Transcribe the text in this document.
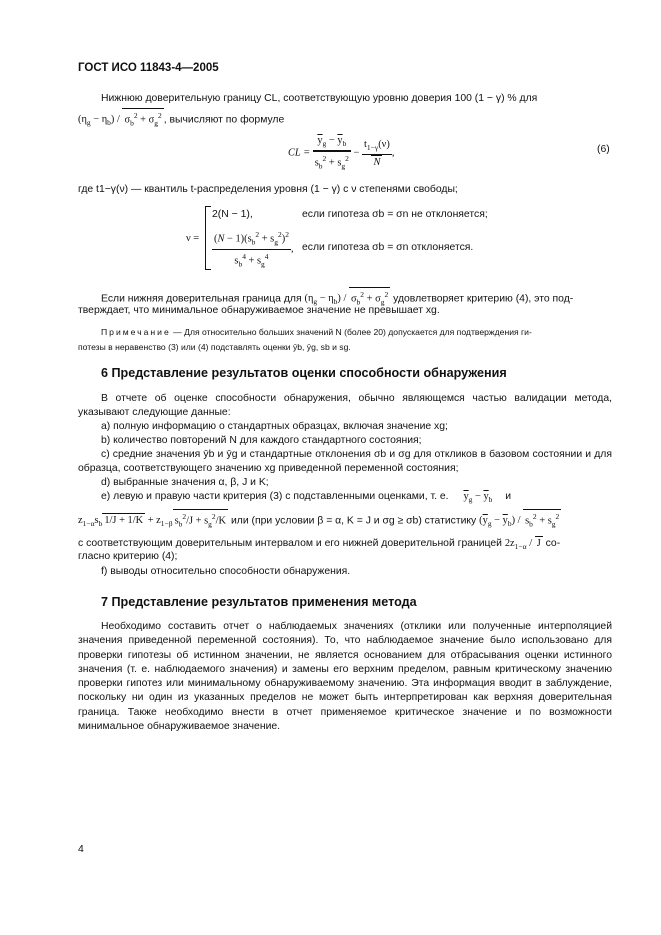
ГОСТ ИСО 11843-4—2005
Нижнюю доверительную границу CL, соответствующую уровню доверия 100 (1 − γ) % для
$(\eta_g - \eta_b) / \sigma_b^2 + \sigma_g^2$ , вычисляют по формуле
CL = $\frac{\overline{y}_g - \overline{y}_b}{s_b^2 + s_g^2} - \frac{t_{1-\gamma}(\nu)}{N}$ ,	(6)
где t1−γ(ν) — квантиль t-распределения уровня (1 − γ) с ν степенями свободы;
ν =
2(N − 1),	если гипотеза σb = σn не отклоняется;
$\frac{(N - 1)(s_b^2 + s_g^2)^2}{s_b^4 + s_g^4}$ , если гипотеза σb = σn отклоняется.
Если нижняя доверительная граница для $(\eta_g - \eta_b) / \sigma_b^2 + \sigma_g^2$ удовлетворяет критерию (4), это под-
тверждает, что минимальное обнаруживаемое значение не превышает xg.
Примечание — Для относительно больших значений N (более 20) допускается для подтверждения ги-
потезы в неравенство (3) или (4) подставлять оценки ȳb, ȳg, sb и sg.
6 Представление результатов оценки способности обнаружения
В отчете об оценке способности обнаружения, обычно являющемся частью валидации метода, указывают следующие данные:
a) полную информацию о стандартных образцах, включая значение xg;
b) количество повторений N для каждого стандартного состояния;
c) средние значения ȳb и ȳg и стандартные отклонения σb и σg для откликов в базовом состоянии и для образца, соответствующего значению xg приведенной переменной состояния;
d) выбранные значения α, β, J и K;
e) левую и правую части критерия (3) с подставленными оценками, т. е. $\overline{y}_g - \overline{y}_b$ и
$z_{1-\alpha}s_b$ $1/J + 1/K + z_{1-\beta}$ $s_b^2/J + s_g^2/K$ или (при условии β = α, K = J и σg ≥ σb) статистику $(\overline{y}_g - \overline{y}_b) / s_b^2 + s_g^2$
с соответствующим доверительным интервалом и его нижней доверительной границей $2z_{1-\alpha}$ / J со-
гласно критерию (4);
f) выводы относительно способности обнаружения.
7 Представление результатов применения метода
Необходимо составить отчет о наблюдаемых значениях (отклики или полученные интерполяцией значения приведенной переменной состояния). То, что наблюдаемое значение было использовано для проверки гипотезы об истинном значении, не является основанием для отбрасывания оценки истинного значения (т. е. наблюдаемого значения) и замены его верхним пределом, равным критическому значению проверки гипотез или минимальному обнаруживаемому значению. Эта информация вводит в заблуждение, поскольку ни один из указанных пределов не может быть интерпретирован как верхняя доверительная граница. Также необходимо внести в отчет применяемое критическое значение и по возможности минимальное обнаруживаемое значение.
4
